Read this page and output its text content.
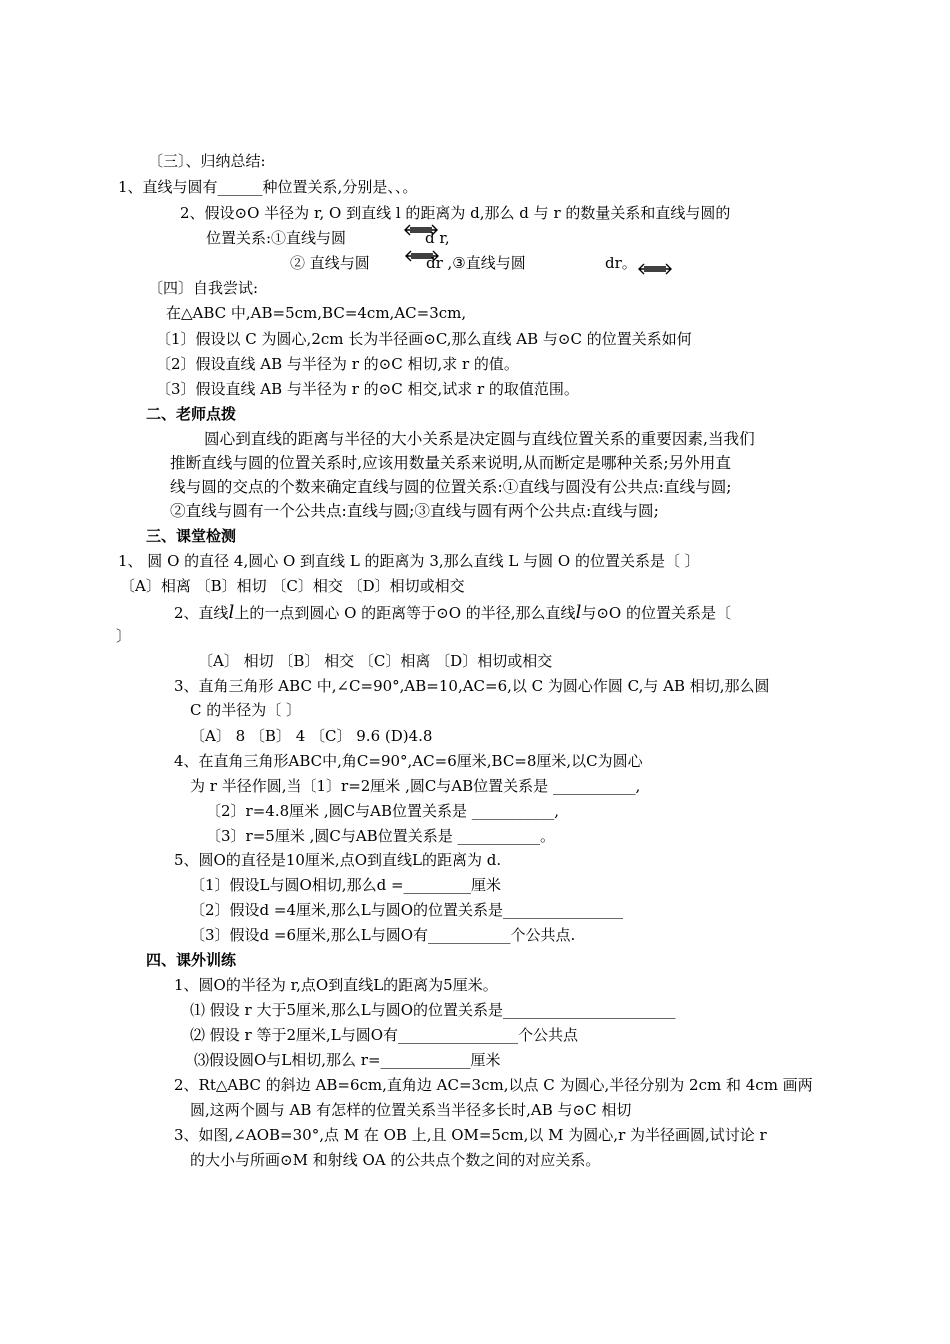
〔三〕、归纳总结:
1、直线与圆有______种位置关系,分别是、、。
2、假设⊙O 半径为 r, O 到直线 l 的距离为 d,那么 d 与 r 的数量关系和直线与圆的
位置关系:①直线与圆	d r,
② 直线与圆	dr ,③直线与圆	dr。
〔四〕自我尝试:
在△ABC 中,AB=5cm,BC=4cm,AC=3cm,
〔1〕假设以 C 为圆心,2cm 长为半径画⊙C,那么直线 AB 与⊙C 的位置关系如何
〔2〕假设直线 AB 与半径为 r 的⊙C 相切,求 r 的值。
〔3〕假设直线 AB 与半径为 r 的⊙C 相交,试求 r 的取值范围。
二、老师点拨
圆心到直线的距离与半径的大小关系是决定圆与直线位置关系的重要因素,当我们
推断直线与圆的位置关系时,应该用数量关系来说明,从而断定是哪种关系;另外用直
线与圆的交点的个数来确定直线与圆的位置关系:①直线与圆没有公共点:直线与圆;
②直线与圆有一个公共点:直线与圆;③直线与圆有两个公共点:直线与圆;
三、课堂检测
1、 圆 O 的直径 4,圆心 O 到直线 L 的距离为 3,那么直线 L 与圆 O 的位置关系是〔 〕
〔A〕相离 〔B〕相切 〔C〕相交 〔D〕相切或相交
2、直线l上的一点到圆心 O 的距离等于⊙O 的半径,那么直线l与⊙O 的位置关系是〔
〕
〔A〕 相切 〔B〕 相交 〔C〕相离 〔D〕相切或相交
3、直角三角形 ABC 中,∠C=90°,AB=10,AC=6,以 C 为圆心作圆 C,与 AB 相切,那么圆
C 的半径为〔 〕
〔A〕 8 〔B〕 4 〔C〕 9.6 (D)4.8
4、在直角三角形ABC中,角C=90°,AC=6厘米,BC=8厘米,以C为圆心
为 r 半径作圆,当〔1〕r=2厘米 ,圆C与AB位置关系是 ___________,
〔2〕r=4.8厘米 ,圆C与AB位置关系是 ___________,
〔3〕r=5厘米 ,圆C与AB位置关系是 ___________。
5、圆O的直径是10厘米,点O到直线L的距离为 d.
〔1〕假设L与圆O相切,那么d =_________厘米
〔2〕假设d =4厘米,那么L与圆O的位置关系是________________
〔3〕假设d =6厘米,那么L与圆O有___________个公共点.
四、课外训练
1、圆O的半径为 r,点O到直线L的距离为5厘米。
⑴ 假设 r 大于5厘米,那么L与圆O的位置关系是_______________________
⑵ 假设 r 等于2厘米,L与圆O有________________个公共点
⑶假设圆O与L相切,那么 r=____________厘米
2、Rt△ABC 的斜边 AB=6cm,直角边 AC=3cm,以点 C 为圆心,半径分别为 2cm 和 4cm 画两
圆,这两个圆与 AB 有怎样的位置关系当半径多长时,AB 与⊙C 相切
3、如图,∠AOB=30°,点 M 在 OB 上,且 OM=5cm,以 M 为圆心,r 为半径画圆,试讨论 r
的大小与所画⊙M 和射线 OA 的公共点个数之间的对应关系。
